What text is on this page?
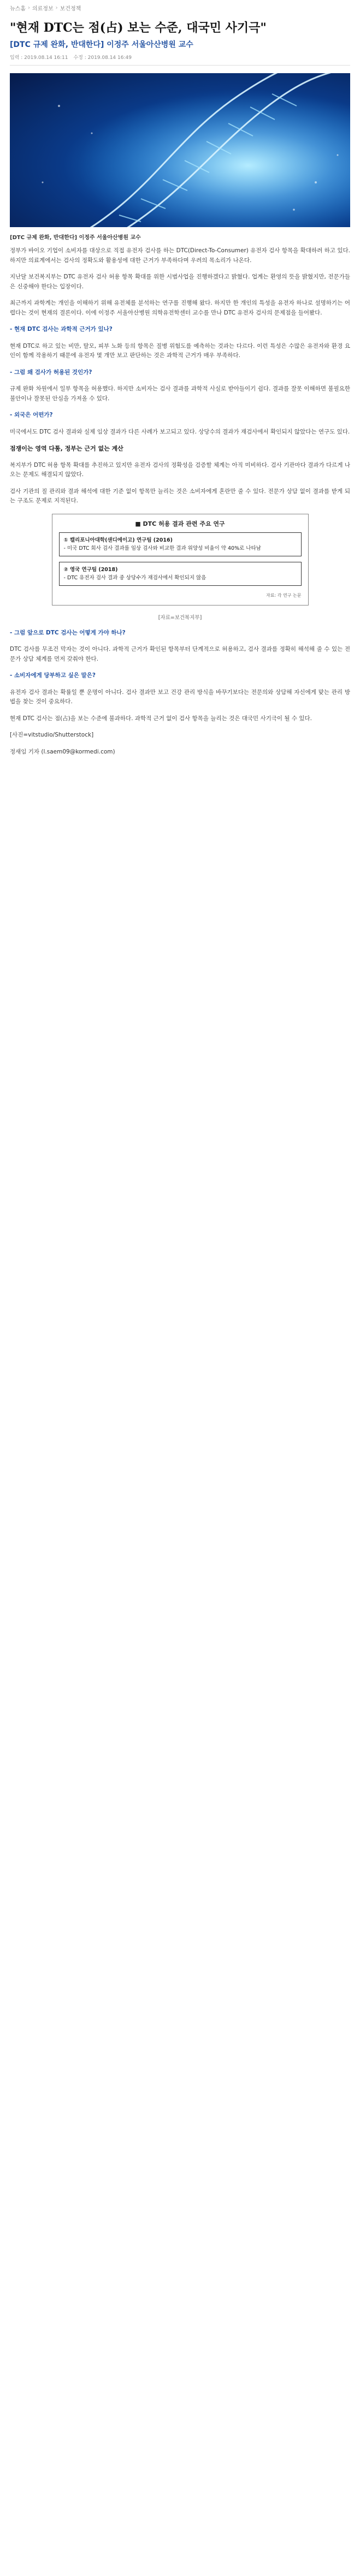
뉴스홈 › 의료정보 › 보건정책
"현재 DTC는 점(占) 보는 수준, 대국민 사기극"
[DTC 규제 완화, 반대한다] 이정주 서울아산병원 교수
입력 : 2019.08.14 16:11 수정 : 2019.08.14 16:49
[DTC 규제 완화, 반대한다] 이정주 서울아산병원 교수

정부가 바이오 기업이 소비자를 대상으로 직접 유전자 검사를 하는 DTC(Direct-To-Consumer) 유전자 검사 항목을 확대하려 하고 있다. 하지만 의료계에서는 검사의 정확도와 활용성에 대한 근거가 부족하다며 우려의 목소리가 나온다.

지난달 보건복지부는 DTC 유전자 검사 허용 항목 확대를 위한 시범사업을 진행하겠다고 밝혔다. 업계는 환영의 뜻을 밝혔지만, 전문가들은 신중해야 한다는 입장이다.

최근까지 과학계는 개인을 이해하기 위해 유전체를 분석하는 연구를 진행해 왔다. 하지만 한 개인의 특성을 유전자 하나로 설명하기는 어렵다는 것이 현재의 결론이다. 이에 이정주 서울아산병원 의학유전학센터 교수를 만나 DTC 유전자 검사의 문제점을 들어봤다.

- 현재 DTC 검사는 과학적 근거가 있나?

현재 DTC로 하고 있는 비만, 탈모, 피부 노화 등의 항목은 질병 위험도를 예측하는 것과는 다르다. 이런 특성은 수많은 유전자와 환경 요인이 함께 작용하기 때문에 유전자 몇 개만 보고 판단하는 것은 과학적 근거가 매우 부족하다.

- 그럼 왜 검사가 허용된 것인가?

규제 완화 차원에서 일부 항목을 허용했다. 하지만 소비자는 검사 결과를 과학적 사실로 받아들이기 쉽다. 결과를 잘못 이해하면 불필요한 불안이나 잘못된 안심을 가져올 수 있다.

- 외국은 어떤가?

미국에서도 DTC 검사 결과와 실제 임상 결과가 다른 사례가 보고되고 있다. 상당수의 결과가 재검사에서 확인되지 않았다는 연구도 있다.

점쟁이는 영역 다툼, 정부는 근거 없는 계산

복지부가 DTC 허용 항목 확대를 추진하고 있지만 유전자 검사의 정확성을 검증할 체계는 아직 미비하다. 검사 기관마다 결과가 다르게 나오는 문제도 해결되지 않았다.

검사 기관의 질 관리와 결과 해석에 대한 기준 없이 항목만 늘리는 것은 소비자에게 혼란만 줄 수 있다. 전문가 상담 없이 결과를 받게 되는 구조도 문제로 지적된다.

■ DTC 허용 결과 관련 주요 연구
① 캘리포니아대학(샌디에이고) 연구팀 (2016)
- 미국 DTC 회사 검사 결과를 임상 검사와 비교한 결과 위양성 비율이 약 40%로 나타남
② 영국 연구팀 (2018)
- DTC 유전자 검사 결과 중 상당수가 재검사에서 확인되지 않음
자료: 각 연구 논문
[자료=보건복지부]

- 그럼 앞으로 DTC 검사는 어떻게 가야 하나?

DTC 검사를 무조건 막자는 것이 아니다. 과학적 근거가 확인된 항목부터 단계적으로 허용하고, 검사 결과를 정확히 해석해 줄 수 있는 전문가 상담 체계를 먼저 갖춰야 한다.

- 소비자에게 당부하고 싶은 말은?

유전자 검사 결과는 확률일 뿐 운명이 아니다. 검사 결과만 보고 건강 관리 방식을 바꾸기보다는 전문의와 상담해 자신에게 맞는 관리 방법을 찾는 것이 중요하다.

현재 DTC 검사는 점(占)을 보는 수준에 불과하다. 과학적 근거 없이 검사 항목을 늘리는 것은 대국민 사기극이 될 수 있다.

[사진=vitstudio/Shutterstock]

정새임 기자 (l.saem09@kormedi.com)
